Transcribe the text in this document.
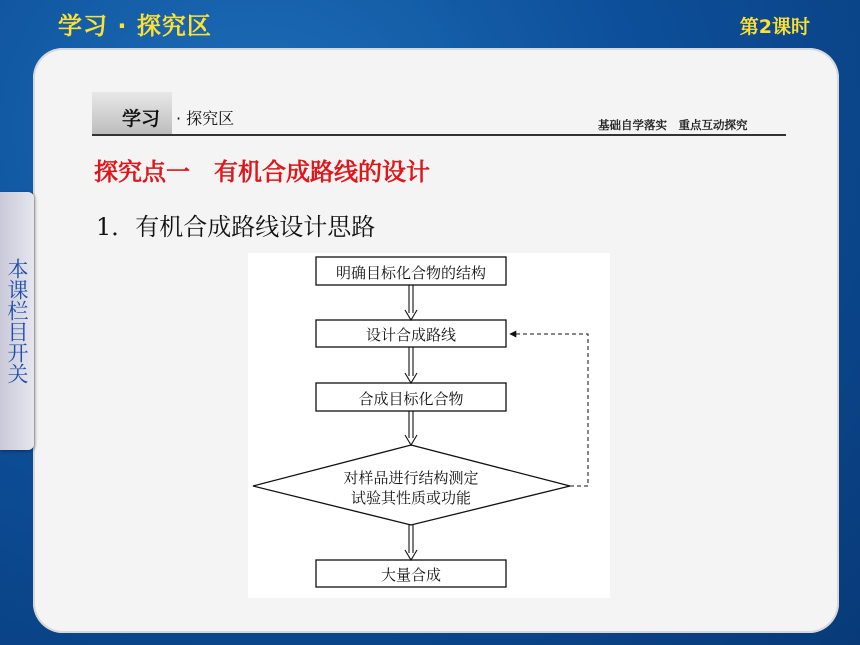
学习 · 探究区	第2课时
本课栏目开关
学习 · 探究区	基础自学落实　重点互动探究
探究点一　有机合成路线的设计
1．有机合成路线设计思路
明确目标化合物的结构
设计合成路线
合成目标化合物
对样品进行结构测定
试验其性质或功能
大量合成
